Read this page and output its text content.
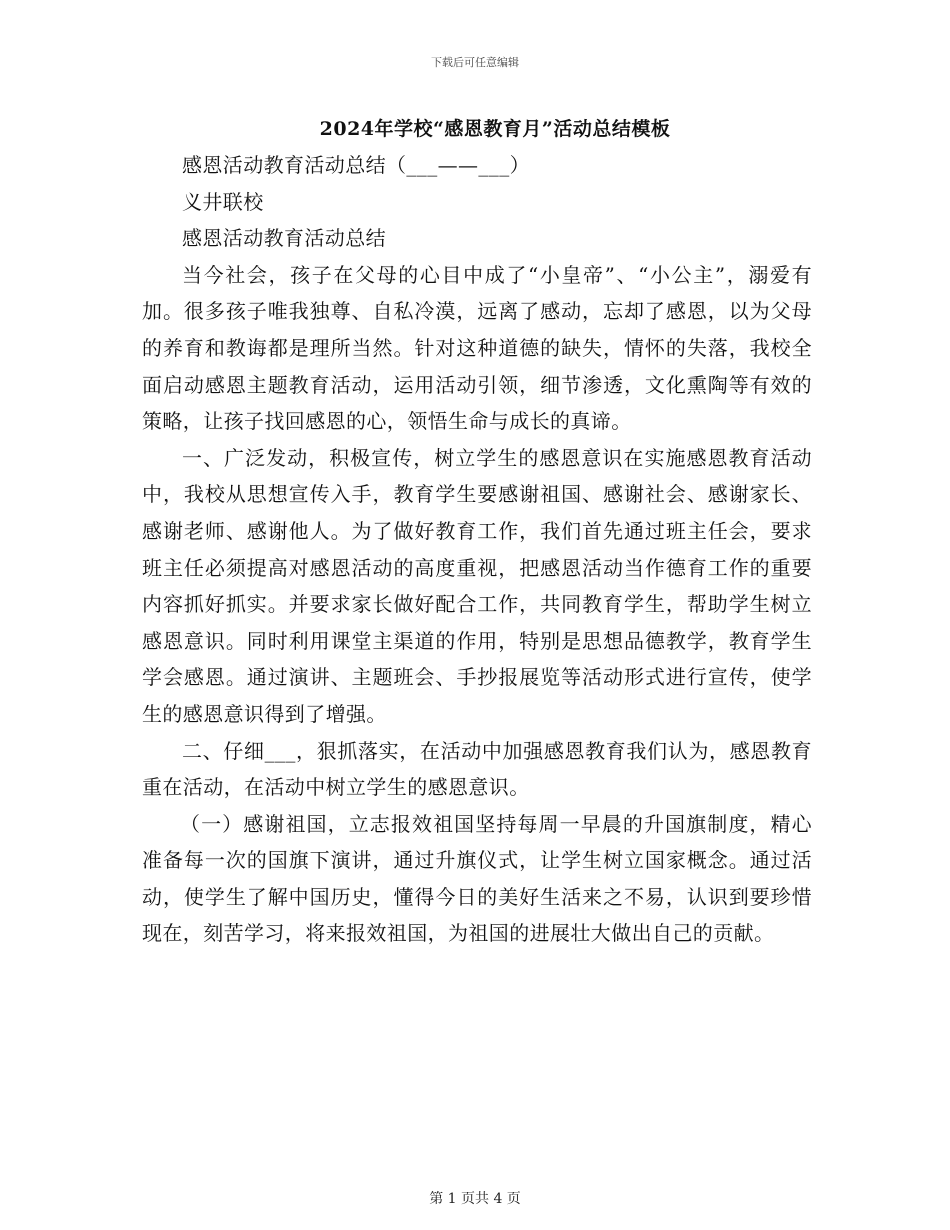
下载后可任意编辑
2024年学校“感恩教育月”活动总结模板

感恩活动教育活动总结（___——___）

义井联校

感恩活动教育活动总结

当今社会，孩子在父母的心目中成了“小皇帝”、“小公主”，溺爱有加。很多孩子唯我独尊、自私冷漠，远离了感动，忘却了感恩，以为父母的养育和教诲都是理所当然。针对这种道德的缺失，情怀的失落，我校全面启动感恩主题教育活动，运用活动引领，细节渗透，文化熏陶等有效的策略，让孩子找回感恩的心，领悟生命与成长的真谛。

一、广泛发动，积极宣传，树立学生的感恩意识在实施感恩教育活动中，我校从思想宣传入手，教育学生要感谢祖国、感谢社会、感谢家长、感谢老师、感谢他人。为了做好教育工作，我们首先通过班主任会，要求班主任必须提高对感恩活动的高度重视，把感恩活动当作德育工作的重要内容抓好抓实。并要求家长做好配合工作，共同教育学生，帮助学生树立感恩意识。同时利用课堂主渠道的作用，特别是思想品德教学，教育学生学会感恩。通过演讲、主题班会、手抄报展览等活动形式进行宣传，使学生的感恩意识得到了增强。

二、仔细___，狠抓落实，在活动中加强感恩教育我们认为，感恩教育重在活动，在活动中树立学生的感恩意识。

（一）感谢祖国，立志报效祖国坚持每周一早晨的升国旗制度，精心准备每一次的国旗下演讲，通过升旗仪式，让学生树立国家概念。通过活动，使学生了解中国历史，懂得今日的美好生活来之不易，认识到要珍惜现在，刻苦学习，将来报效祖国，为祖国的进展壮大做出自己的贡献。

第 1 页共 4 页
